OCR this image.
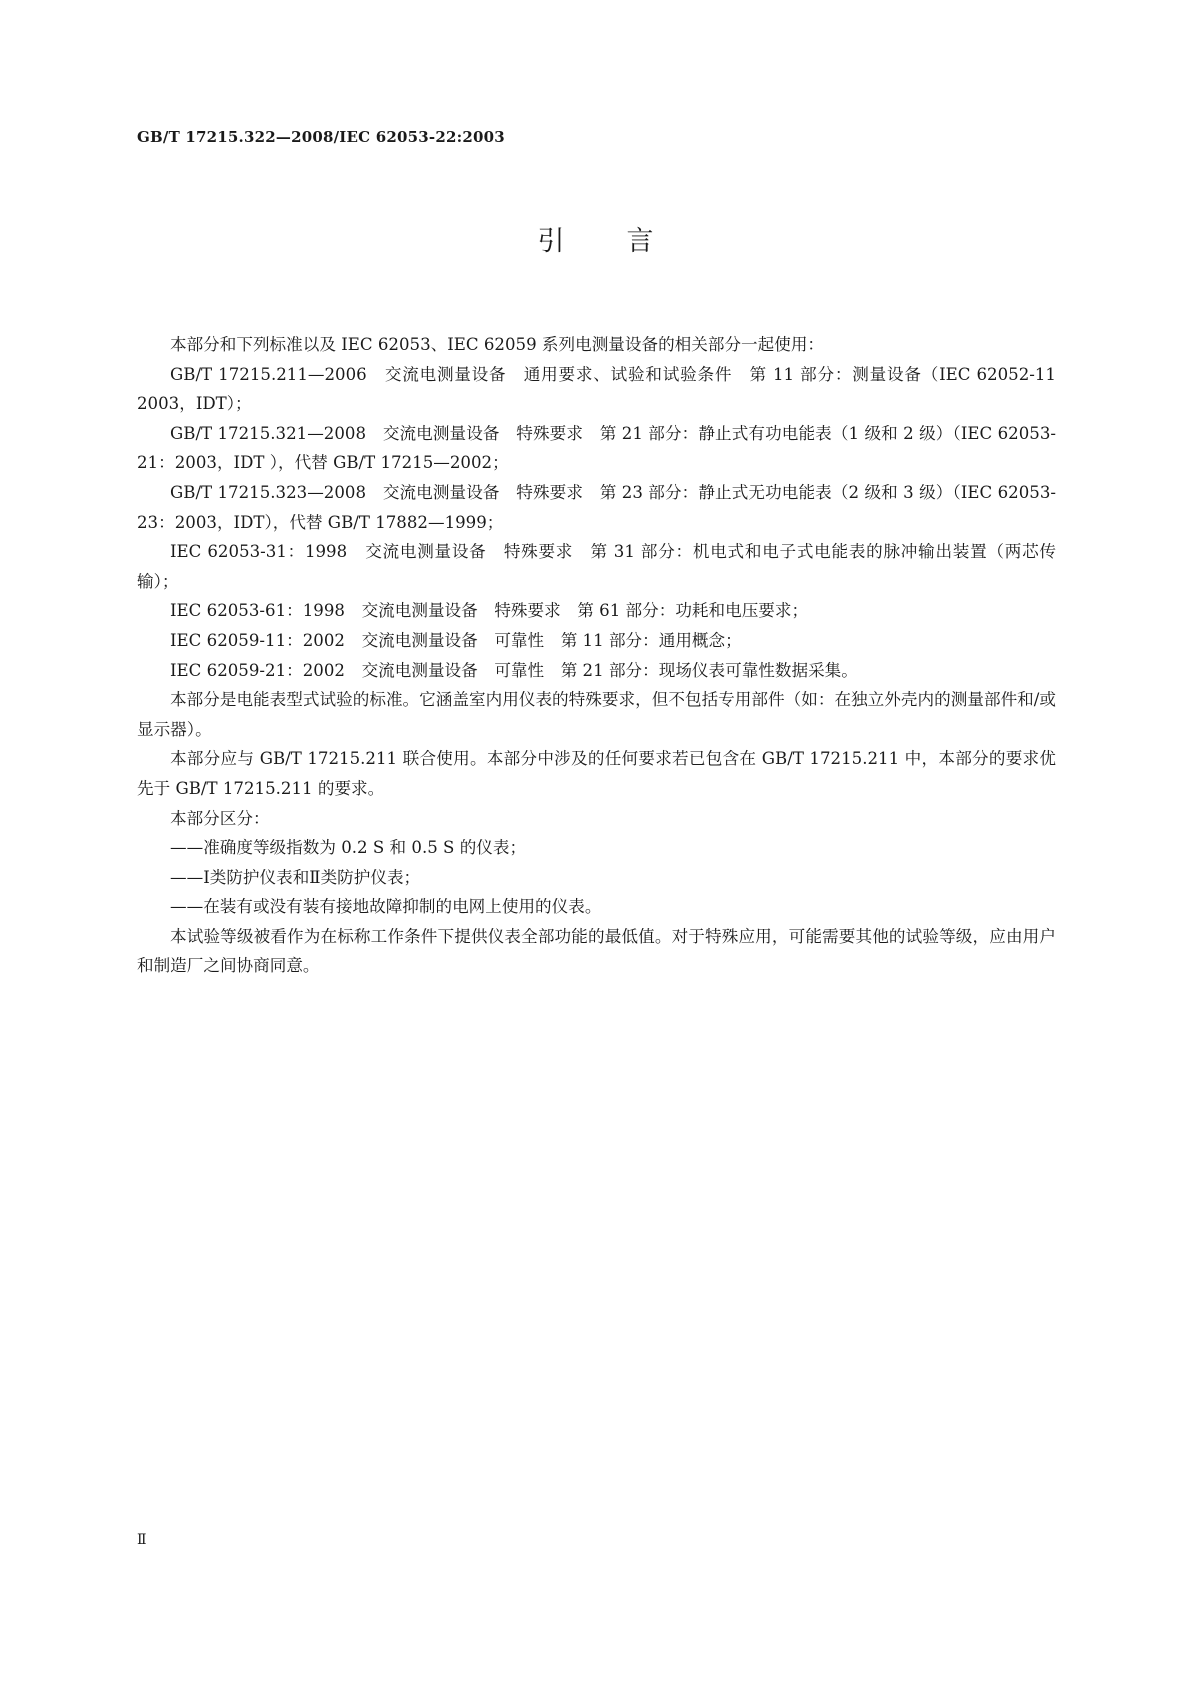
GB/T 17215.322—2008/IEC 62053-22:2003
引 言

本部分和下列标准以及 IEC 62053、IEC 62059 系列电测量设备的相关部分一起使用：

GB/T 17215.211—2006　交流电测量设备　通用要求、试验和试验条件　第 11 部分：测量设备（IEC 62052-11 2003，IDT）；

GB/T 17215.321—2008　交流电测量设备　特殊要求　第 21 部分：静止式有功电能表（1 级和 2 级）（IEC 62053-21：2003，IDT ），代替 GB/T 17215—2002；

GB/T 17215.323—2008　交流电测量设备　特殊要求　第 23 部分：静止式无功电能表（2 级和 3 级）（IEC 62053-23：2003，IDT），代替 GB/T 17882—1999；

IEC 62053-31：1998　交流电测量设备　特殊要求　第 31 部分：机电式和电子式电能表的脉冲输出装置（两芯传输）；

IEC 62053-61：1998　交流电测量设备　特殊要求　第 61 部分：功耗和电压要求；

IEC 62059-11：2002　交流电测量设备　可靠性　第 11 部分：通用概念；

IEC 62059-21：2002　交流电测量设备　可靠性　第 21 部分：现场仪表可靠性数据采集。

本部分是电能表型式试验的标准。它涵盖室内用仪表的特殊要求，但不包括专用部件（如：在独立外壳内的测量部件和/或显示器）。

本部分应与 GB/T 17215.211 联合使用。本部分中涉及的任何要求若已包含在 GB/T 17215.211 中，本部分的要求优先于 GB/T 17215.211 的要求。

本部分区分：

——准确度等级指数为 0.2 S 和 0.5 S 的仪表；

——Ⅰ类防护仪表和Ⅱ类防护仪表；

——在装有或没有装有接地故障抑制的电网上使用的仪表。

本试验等级被看作为在标称工作条件下提供仪表全部功能的最低值。对于特殊应用，可能需要其他的试验等级，应由用户和制造厂之间协商同意。

Ⅱ
